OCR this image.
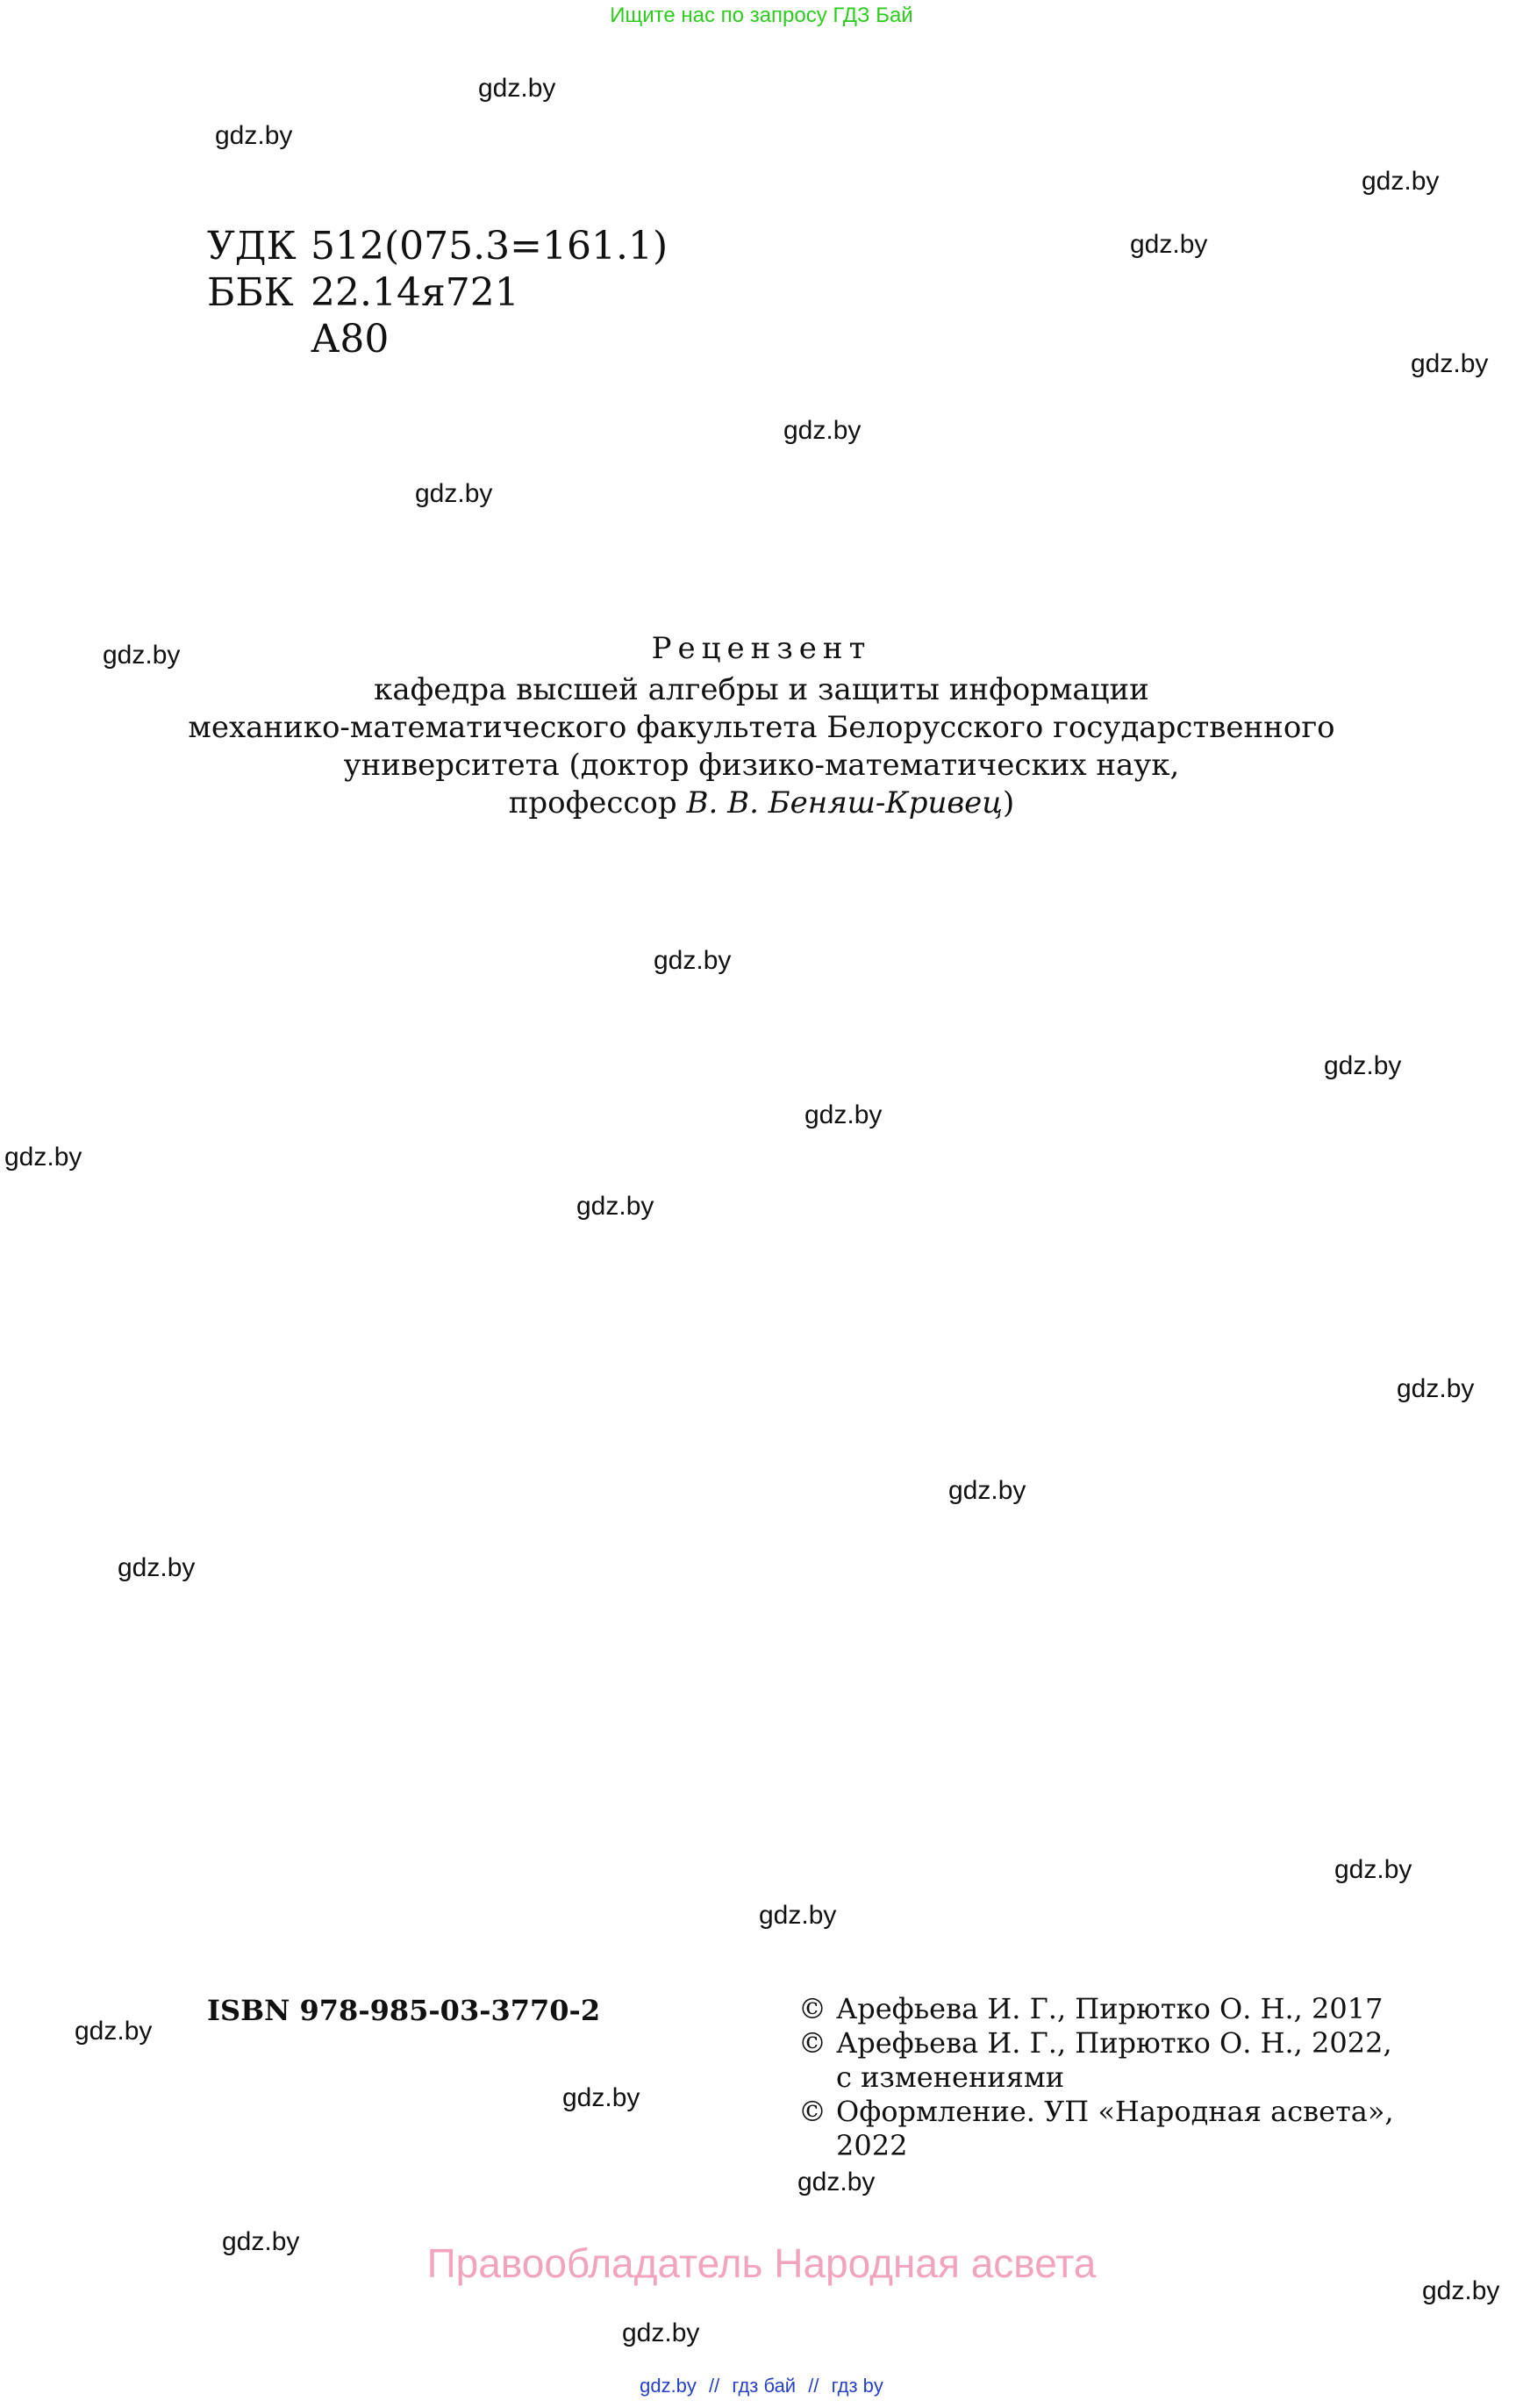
Ищите нас по запросу ГДЗ Бай
gdz.by
gdz.by
gdz.by
gdz.by
gdz.by
gdz.by
gdz.by
gdz.by
gdz.by
gdz.by
gdz.by
gdz.by
gdz.by
gdz.by
gdz.by
gdz.by
gdz.by
gdz.by
gdz.by
gdz.by
gdz.by
gdz.by
gdz.by
gdz.by
УДК 512(075.3=161.1)
ББК 22.14я721
А80
Рецензент
кафедра высшей алгебры и защиты информации
механико-математического факультета Белорусского государственного
университета (доктор физико-математических наук,
профессор В. В. Беняш-Кривец)
ISBN 978-985-03-3770-2	© Арефьева И. Г., Пирютко О. Н., 2017
© Арефьева И. Г., Пирютко О. Н., 2022, с изменениями
© Оформление. УП «Народная асвета», 2022
Правообладатель Народная асвета
gdz.by // гдз бай // гдз by
